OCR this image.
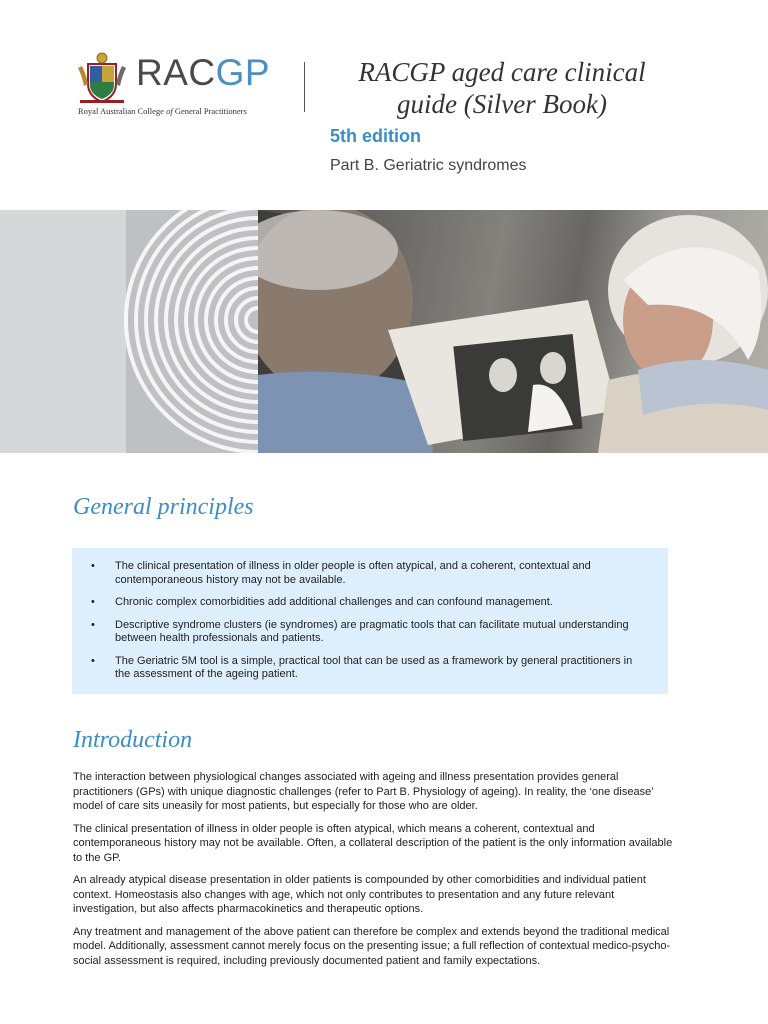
RACGP
Royal Australian College of General Practitioners
RACGP aged care clinical
guide (Silver Book)
5th edition
Part B. Geriatric syndromes
General principles
• The clinical presentation of illness in older people is often atypical, and a coherent, contextual and contemporaneous history may not be available.
• Chronic complex comorbidities add additional challenges and can confound management.
• Descriptive syndrome clusters (ie syndromes) are pragmatic tools that can facilitate mutual understanding between health professionals and patients.
• The Geriatric 5M tool is a simple, practical tool that can be used as a framework by general practitioners in the assessment of the ageing patient.
Introduction

The interaction between physiological changes associated with ageing and illness presentation provides general practitioners (GPs) with unique diagnostic challenges (refer to Part B. Physiology of ageing). In reality, the ‘one disease’ model of care sits uneasily for most patients, but especially for those who are older.

The clinical presentation of illness in older people is often atypical, which means a coherent, contextual and contemporaneous history may not be available. Often, a collateral description of the patient is the only information available to the GP.

An already atypical disease presentation in older patients is compounded by other comorbidities and individual patient context. Homeostasis also changes with age, which not only contributes to presentation and any future relevant investigation, but also affects pharmacokinetics and therapeutic options.

Any treatment and management of the above patient can therefore be complex and extends beyond the traditional medical model. Additionally, assessment cannot merely focus on the presenting issue; a full reflection of contextual medico-psycho-social assessment is required, including previously documented patient and family expectations.
